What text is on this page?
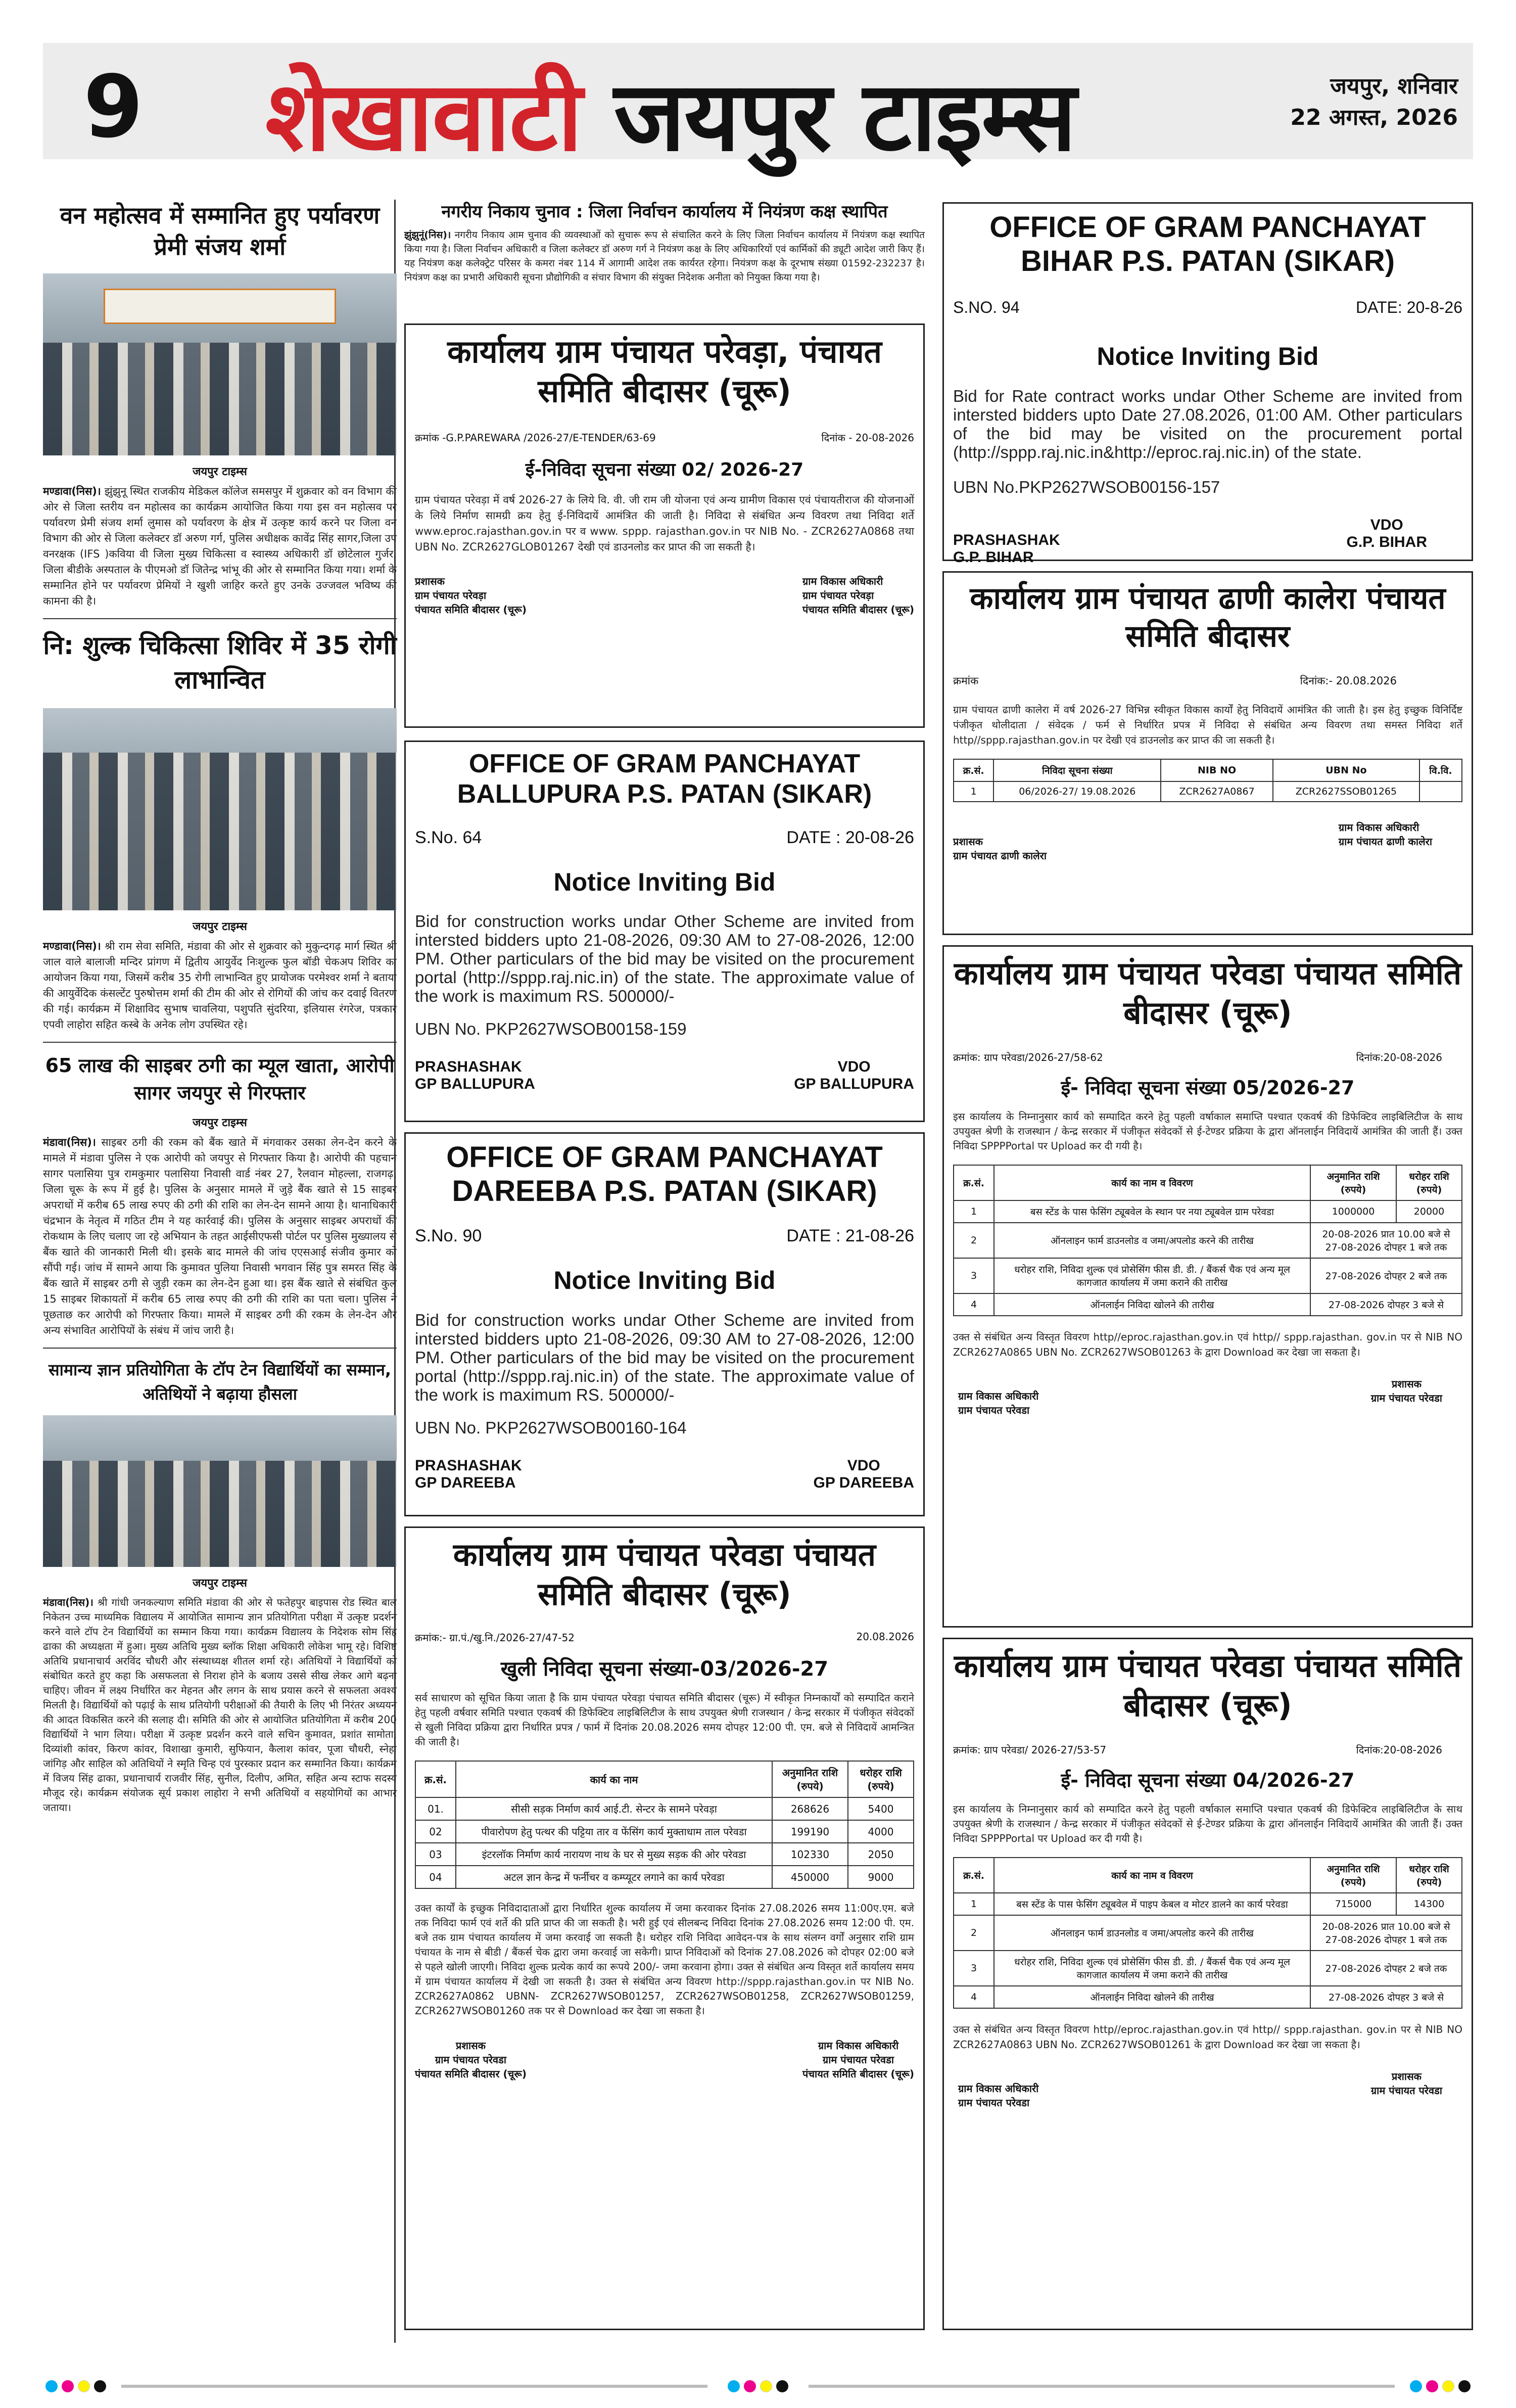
9 शेखावाटी जयपुर टाइम्स	जयपुर, शनिवार
22 अगस्त, 2026
वन महोत्सव में सम्मानित हुए पर्यावरण प्रेमी संजय शर्मा
जयपुर टाइम्स
मण्डावा(निस)। झुंझुनू स्थित राजकीय मेडिकल कॉलेज समसपुर में शुक्रवार को वन विभाग की ओर से जिला स्तरीय वन महोत्सव का कार्यक्रम आयोजित किया गया इस वन महोत्सव पर पर्यावरण प्रेमी संजय शर्मा लुमास को पर्यावरण के क्षेत्र में उत्कृष्ट कार्य करने पर जिला वन विभाग की ओर से जिला कलेक्टर डॉ अरुण गर्ग, पुलिस अधीक्षक कावेंद्र सिंह सागर,जिला उप वनरक्षक (IFS )कविया वी जिला मुख्य चिकित्सा व स्वास्थ्य अधिकारी डॉ छोटेलाल गुर्जर, जिला बीडीके अस्पताल के पीएमओ डॉ जितेन्द्र भांभू की ओर से सम्मानित किया गया। शर्मा के सम्मानित होने पर पर्यावरण प्रेमियों ने खुशी जाहिर करते हुए उनके उज्जवल भविष्य की कामना की है।
नि: शुल्क चिकित्सा शिविर में 35 रोगी लाभान्वित
जयपुर टाइम्स
मण्डावा(निस)। श्री राम सेवा समिति, मंडावा की ओर से शुक्रवार को मुकुन्दगढ़ मार्ग स्थित श्री जाल वाले बालाजी मन्दिर प्रांगण में द्वितीय आयुर्वेद निःशुल्क फुल बॉडी चेकअप शिविर का आयोजन किया गया, जिसमें करीब 35 रोगी लाभान्वित हुए प्रायोजक परमेश्वर शर्मा ने बताया की आयुर्वेदिक कंसल्टेंट पुरुषोत्तम शर्मा की टीम की ओर से रोगियों की जांच कर दवाई वितरण की गई। कार्यक्रम में शिक्षाविद सुभाष चावलिया, पशुपति सुंदरिया, इलियास रंगरेज, पत्रकार एपवी लाहोरा सहित कस्बे के अनेक लोग उपस्थित रहे।
65 लाख की साइबर ठगी का म्यूल खाता, आरोपी सागर जयपुर से गिरफ्तार
जयपुर टाइम्स
मंडावा(निस)। साइबर ठगी की रकम को बैंक खाते में मंगवाकर उसका लेन-देन करने के मामले में मंडावा पुलिस ने एक आरोपी को जयपुर से गिरफ्तार किया है। आरोपी की पहचान सागर पलासिया पुत्र रामकुमार पलासिया निवासी वार्ड नंबर 27, रैलवान मोहल्ला, राजगढ़, जिला चूरू के रूप में हुई है। पुलिस के अनुसार मामले में जुड़े बैंक खाते से 15 साइबर अपराधों में करीब 65 लाख रुपए की ठगी की राशि का लेन-देन सामने आया है। थानाधिकारी चंद्रभान के नेतृत्व में गठित टीम ने यह कार्रवाई की। पुलिस के अनुसार साइबर अपराधों की रोकथाम के लिए चलाए जा रहे अभियान के तहत आईसीएफसी पोर्टल पर पुलिस मुख्यालय से बैंक खाते की जानकारी मिली थी। इसके बाद मामले की जांच एएसआई संजीव कुमार को सौंपी गई। जांच में सामने आया कि कुमावत पुलिया निवासी भगवान सिंह पुत्र समरत सिंह के बैंक खाते में साइबर ठगी से जुड़ी रकम का लेन-देन हुआ था। इस बैंक खाते से संबंधित कुल 15 साइबर शिकायतों में करीब 65 लाख रुपए की ठगी की राशि का पता चला। पुलिस ने पूछताछ कर आरोपी को गिरफ्तार किया। मामले में साइबर ठगी की रकम के लेन-देन और अन्य संभावित आरोपियों के संबंध में जांच जारी है।
सामान्य ज्ञान प्रतियोगिता के टॉप टेन विद्यार्थियों का सम्मान, अतिथियों ने बढ़ाया हौसला
जयपुर टाइम्स
मंडावा(निस)। श्री गांधी जनकल्याण समिति मंडावा की ओर से फतेहपुर बाइपास रोड स्थित बाल निकेतन उच्च माध्यमिक विद्यालय में आयोजित सामान्य ज्ञान प्रतियोगिता परीक्षा में उत्कृष्ट प्रदर्शन करने वाले टॉप टेन विद्यार्थियों का सम्मान किया गया। कार्यक्रम विद्यालय के निदेशक सोम सिंह ढाका की अध्यक्षता में हुआ। मुख्य अतिथि मुख्य ब्लॉक शिक्षा अधिकारी लोकेश भामू रहे। विशिष्ट अतिथि प्रधानाचार्य अरविंद चौधरी और संस्थाध्यक्ष शीतल शर्मा रहे। अतिथियों ने विद्यार्थियों को संबोधित करते हुए कहा कि असफलता से निराश होने के बजाय उससे सीख लेकर आगे बढ़ना चाहिए। जीवन में लक्ष्य निर्धारित कर मेहनत और लगन के साथ प्रयास करने से सफलता अवश्य मिलती है। विद्यार्थियों को पढ़ाई के साथ प्रतियोगी परीक्षाओं की तैयारी के लिए भी निरंतर अध्ययन की आदत विकसित करने की सलाह दी। समिति की ओर से आयोजित प्रतियोगिता में करीब 200 विद्यार्थियों ने भाग लिया। परीक्षा में उत्कृष्ट प्रदर्शन करने वाले सचिन कुमावत, प्रशांत सामोता, दिव्यांशी कांवर, किरण कांवर, विशाखा कुमारी, सुफियान, कैलाश कांवर, पूजा चौधरी, स्नेहा जांगिड़ और साहिल को अतिथियों ने स्मृति चिन्ह एवं पुरस्कार प्रदान कर सम्मानित किया। कार्यक्रम में विजय सिंह ढाका, प्रधानाचार्य राजवीर सिंह, सुनील, दिलीप, अमित, सहित अन्य स्टाफ सदस्य मौजूद रहे। कार्यक्रम संयोजक सूर्य प्रकाश लाहोरा ने सभी अतिथियों व सहयोगियों का आभार जताया।
नगरीय निकाय चुनाव : जिला निर्वाचन कार्यालय में नियंत्रण कक्ष स्थापित
झुंझुनूं(निस)। नगरीय निकाय आम चुनाव की व्यवस्थाओं को सुचारू रूप से संचालित करने के लिए जिला निर्वाचन कार्यालय में नियंत्रण कक्ष स्थापित किया गया है। जिला निर्वाचन अधिकारी व जिला कलेक्टर डॉ अरुण गर्ग ने नियंत्रण कक्ष के लिए अधिकारियों एवं कार्मिकों की ड्यूटी आदेश जारी किए हैं। यह नियंत्रण कक्ष कलेक्ट्रेट परिसर के कमरा नंबर 114 में आगामी आदेश तक कार्यरत रहेगा। नियंत्रण कक्ष के दूरभाष संख्या 01592-232237 है। नियंत्रण कक्ष का प्रभारी अधिकारी सूचना प्रौद्योगिकी व संचार विभाग की संयुक्त निदेशक अनीता को नियुक्त किया गया है।
कार्यालय ग्राम पंचायत परेवड़ा, पंचायत समिति बीदासर (चूरू)
क्रमांक -G.P.PAREWARA /2026-27/E-TENDER/63-69	दिनांक - 20-08-2026
ई-निविदा सूचना संख्या 02/ 2026-27
ग्राम पंचायत परेवड़ा में वर्ष 2026-27 के लिये वि. वी. जी राम जी योजना एवं अन्य ग्रामीण विकास एवं पंचायतीराज की योजनाओं के लिये निर्माण सामग्री क्रय हेतु ई-निविदायें आमंत्रित की जाती है। निविदा से संबंधित अन्य विवरण तथा निविदा शर्ते www.eproc.rajasthan.gov.in पर व www. sppp. rajasthan.gov.in पर NIB No. - ZCR2627A0868 तथा UBN No. ZCR2627GLOB01267 देखी एवं डाउनलोड कर प्राप्त की जा सकती है।
प्रशासक
ग्राम पंचायत परेवड़ा
पंचायत समिति बीदासर (चूरू)
ग्राम विकास अधिकारी
ग्राम पंचायत परेवड़ा
पंचायत समिति बीदासर (चूरू)
OFFICE OF GRAM PANCHAYAT BALLUPURA P.S. PATAN (SIKAR)
S.No. 64	DATE : 20-08-26
Notice Inviting Bid
Bid for construction works undar Other Scheme are invited from intersted bidders upto 21-08-2026, 09:30 AM to 27-08-2026, 12:00 PM. Other particulars of the bid may be visited on the procurement portal (http://sppp.raj.nic.in) of the state. The approximate value of the work is maximum RS. 500000/-
UBN No. PKP2627WSOB00158-159
PRASHASHAK
GP BALLUPURA
VDO
GP BALLUPURA
OFFICE OF GRAM PANCHAYAT DAREEBA P.S. PATAN (SIKAR)
S.No. 90	DATE : 21-08-26
Notice Inviting Bid
Bid for construction works undar Other Scheme are invited from intersted bidders upto 21-08-2026, 09:30 AM to 27-08-2026, 12:00 PM. Other particulars of the bid may be visited on the procurement portal (http://sppp.raj.nic.in) of the state. The approximate value of the work is maximum RS. 500000/-
UBN No. PKP2627WSOB00160-164
PRASHASHAK
GP DAREEBA
VDO
GP DAREEBA
कार्यालय ग्राम पंचायत परेवडा पंचायत समिति बीदासर (चूरू)
क्रमांक:- ग्रा.पं./खु.नि./2026-27/47-52	20.08.2026
खुली निविदा सूचना संख्या-03/2026-27
सर्व साधारण को सूचित किया जाता है कि ग्राम पंचायत परेवड़ा पंचायत समिति बीदासर (चूरू) में स्वीकृत निम्नकार्यों को सम्पादित कराने हेतु पहली वर्षवार समिति पश्चात एकवर्ष की डिफेक्टिव लाइबिलिटीज के साथ उपयुक्त श्रेणी राजस्थान / केन्द्र सरकार में पंजीकृत संवेदकों से खुली निविदा प्रक्रिया द्वारा निर्धारित प्रपत्र / फार्म में दिनांक 20.08.2026 समय दोपहर 12:00 पी. एम. बजे से निविदायें आमन्त्रित की जाती है।
क्र.सं.	कार्य का नाम	अनुमानित राशि (रुपये)	धरोहर राशि (रुपये)
01.	सीसी सड़क निर्माण कार्य आई.टी. सेन्टर के सामने परेवड़ा	268626	5400
02	पीवारोपण हेतु पत्थर की पट्टिया तार व फेंसिंग कार्य मुक्ताधाम ताल परेवडा	199190	4000
03	इंटरलॉक निर्माण कार्य नारायण नाथ के घर से मुख्य सड़क की ओर परेवडा	102330	2050
04	अटल ज्ञान केन्द्र में फर्नीचर व कम्प्यूटर लगाने का कार्य परेवडा	450000	9000
उक्त कार्यों के इच्छुक निविदादाताओं द्वारा निर्धारित शुल्क कार्यालय में जमा करवाकर दिनांक 27.08.2026 समय 11:00ए.एम. बजे तक निविदा फार्म एवं शर्ते की प्रति प्राप्त की जा सकती है। भरी हुई एवं सीलबन्द निविदा दिनांक 27.08.2026 समय 12:00 पी. एम. बजे तक ग्राम पंचायत कार्यालय में जमा करवाई जा सकती है। धरोहर राशि निविदा आवेदन-पत्र के साथ संलग्न वर्गों अनुसार राशि ग्राम पंचायत के नाम से बीडी / बैंकर्स चेक द्वारा जमा करवाई जा सकेगी। प्राप्त निविदाओं को दिनांक 27.08.2026 को दोपहर 02:00 बजे से पहले खोली जाएगी। निविदा शुल्क प्रत्येक कार्य का रूपये 200/- जमा करवाना होगा। उक्त से संबंधित अन्य विस्तृत शर्ते कार्यालय समय में ग्राम पंचायत कार्यालय में देखी जा सकती है। उक्त से संबंधित अन्य विवरण http://sppp.rajasthan.gov.in पर NIB No. ZCR2627A0862 UBNN- ZCR2627WSOB01257, ZCR2627WSOB01258, ZCR2627WSOB01259, ZCR2627WSOB01260 तक पर से Download कर देखा जा सकता है।
प्रशासक
ग्राम पंचायत परेवडा
पंचायत समिति बीदासर (चूरू)
ग्राम विकास अधिकारी
ग्राम पंचायत परेवडा
पंचायत समिति बीदासर (चूरू)
OFFICE OF GRAM PANCHAYAT BIHAR P.S. PATAN (SIKAR)
S.NO. 94	DATE: 20-8-26
Notice Inviting Bid
Bid for Rate contract works undar Other Scheme are invited from intersted bidders upto Date 27.08.2026, 01:00 AM. Other particulars of the bid may be visited on the procurement portal (http://sppp.raj.nic.in&http://eproc.raj.nic.in) of the state.
UBN No.PKP2627WSOB00156-157
PRASHASHAK
G.P. BIHAR
VDO
G.P. BIHAR
कार्यालय ग्राम पंचायत ढाणी कालेरा पंचायत समिति बीदासर
क्रमांक	दिनांक:- 20.08.2026
ग्राम पंचायत ढाणी कालेरा में वर्ष 2026-27 विभिन्न स्वीकृत विकास कार्यों हेतु निविदायें आमंत्रित की जाती है। इस हेतु इच्छुक विनिर्दिष्ट पंजीकृत थोलीदाता / संवेदक / फर्म से निर्धारित प्रपत्र में निविदा से संबंधित अन्य विवरण तथा समस्त निविदा शर्ते http//sppp.rajasthan.gov.in पर देखी एवं डाउनलोड कर प्राप्त की जा सकती है।
क्र.सं.	निविदा सूचना संख्या	NIB NO	UBN No	वि.वि.
1	06/2026-27/ 19.08.2026	ZCR2627A0867	ZCR2627SSOB01265	
प्रशासक
ग्राम पंचायत ढाणी कालेरा
ग्राम विकास अधिकारी
ग्राम पंचायत ढाणी कालेरा
कार्यालय ग्राम पंचायत परेवडा पंचायत समिति बीदासर (चूरू)
क्रमांक: ग्राप परेवडा/2026-27/58-62	दिनांक:20-08-2026
ई- निविदा सूचना संख्या 05/2026-27
इस कार्यालय के निम्नानुसार कार्य को सम्पादित करने हेतु पहली वर्षाकाल समाप्ति पश्चात एकवर्ष की डिफेक्टिव लाइबिलिटीज के साथ उपयुक्त श्रेणी के राजस्थान / केन्द्र सरकार में पंजीकृत संवेदकों से ई-टेण्डर प्रक्रिया के द्वारा ऑनलाईन निविदायें आमंत्रित की जाती हैं। उक्त निविदा SPPPPortal पर Upload कर दी गयी है।
क्र.सं.	कार्य का नाम व विवरण	अनुमानित राशि (रुपये)	धरोहर राशि (रुपये)
1	बस स्टेंड के पास फेसिंग ट्यूबवेल के स्थान पर नया ट्यूबवेल ग्राम परेवडा	1000000	20000
2	ऑनलाइन फार्म डाउनलोड व जमा/अपलोड करने की तारीख	20-08-2026 प्रात 10.00 बजे से 27-08-2026 दोपहर 1 बजे तक	
3	धरोहर राशि, निविदा शुल्क एवं प्रोसेसिंग फीस डी. डी. / बैंकर्स चैक एवं अन्य मूल कागजात कार्यालय में जमा कराने की तारीख	27-08-2026 दोपहर 2 बजे तक	
4	ऑनलाईन निविदा खोलने की तारीख	27-08-2026 दोपहर 3 बजे से	
उक्त से संबंधित अन्य विस्तृत विवरण http//eproc.rajasthan.gov.in एवं http// sppp.rajasthan. gov.in पर से NIB NO ZCR2627A0865 UBN No. ZCR2627WSOB01263 के द्वारा Download कर देखा जा सकता है।
ग्राम विकास अधिकारी
ग्राम पंचायत परेवडा
प्रशासक
ग्राम पंचायत परेवडा
कार्यालय ग्राम पंचायत परेवडा पंचायत समिति बीदासर (चूरू)
क्रमांक: ग्राप परेवडा/ 2026-27/53-57	दिनांक:20-08-2026
ई- निविदा सूचना संख्या 04/2026-27
इस कार्यालय के निम्नानुसार कार्य को सम्पादित करने हेतु पहली वर्षाकाल समाप्ति पश्चात एकवर्ष की डिफेक्टिव लाइबिलिटीज के साथ उपयुक्त श्रेणी के राजस्थान / केन्द्र सरकार में पंजीकृत संवेदकों से ई-टेण्डर प्रक्रिया के द्वारा ऑनलाईन निविदायें आमंत्रित की जाती हैं। उक्त निविदा SPPPPortal पर Upload कर दी गयी है।
क्र.सं.	कार्य का नाम व विवरण	अनुमानित राशि (रुपये)	धरोहर राशि (रुपये)
1	बस स्टेंड के पास फेसिंग ट्यूबवेल में पाइप केबल व मोटर डालने का कार्य परेवडा	715000	14300
2	ऑनलाइन फार्म डाउनलोड व जमा/अपलोड करने की तारीख	20-08-2026 प्रात 10.00 बजे से 27-08-2026 दोपहर 1 बजे तक	
3	धरोहर राशि, निविदा शुल्क एवं प्रोसेसिंग फीस डी. डी. / बैंकर्स चैक एवं अन्य मूल कागजात कार्यालय में जमा कराने की तारीख	27-08-2026 दोपहर 2 बजे तक	
4	ऑनलाईन निविदा खोलने की तारीख	27-08-2026 दोपहर 3 बजे से	
उक्त से संबंधित अन्य विस्तृत विवरण http//eproc.rajasthan.gov.in एवं http// sppp.rajasthan. gov.in पर से NIB NO ZCR2627A0863 UBN No. ZCR2627WSOB01261 के द्वारा Download कर देखा जा सकता है।
ग्राम विकास अधिकारी
ग्राम पंचायत परेवडा
प्रशासक
ग्राम पंचायत परेवडा
